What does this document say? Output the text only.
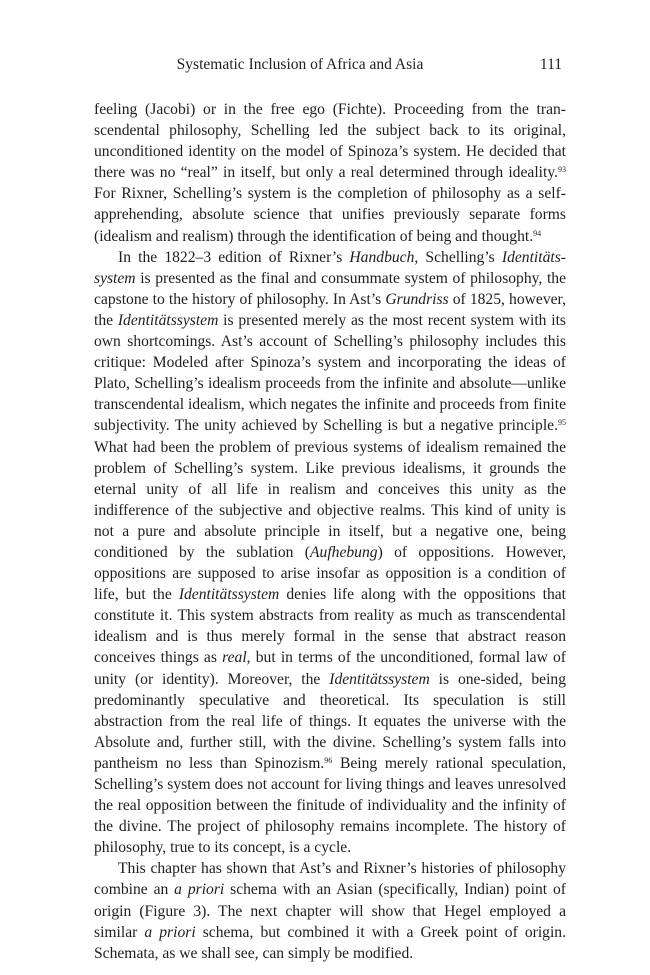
Systematic Inclusion of Africa and Asia	111

feeling (Jacobi) or in the free ego (Fichte). Proceeding from the transcendental philosophy, Schelling led the subject back to its original, unconditioned identity on the model of Spinoza’s system. He decided that there was no “real” in itself, but only a real determined through ideality.$^{93}$ For Rixner, Schelling’s system is the completion of philosophy as a self-apprehending, absolute science that unifies previously separate forms (idealism and realism) through the identification of being and thought.$^{94}$

In the 1822–3 edition of Rixner’s Handbuch, Schelling’s Identitätssystem is presented as the final and consummate system of philosophy, the capstone to the history of philosophy. In Ast’s Grundriss of 1825, however, the Identitätssystem is presented merely as the most recent system with its own shortcomings. Ast’s account of Schelling’s philosophy includes this critique: Modeled after Spinoza’s system and incorporating the ideas of Plato, Schelling’s idealism proceeds from the infinite and absolute—unlike transcendental idealism, which negates the infinite and proceeds from finite subjectivity. The unity achieved by Schelling is but a negative principle.$^{95}$ What had been the problem of previous systems of idealism remained the problem of Schelling’s system. Like previous idealisms, it grounds the eternal unity of all life in realism and conceives this unity as the indifference of the subjective and objective realms. This kind of unity is not a pure and absolute principle in itself, but a negative one, being conditioned by the sublation (Aufhebung) of oppositions. However, oppositions are supposed to arise insofar as opposition is a condition of life, but the Identitätssystem denies life along with the oppositions that constitute it. This system abstracts from reality as much as transcendental idealism and is thus merely formal in the sense that abstract reason conceives things as real, but in terms of the unconditioned, formal law of unity (or identity). Moreover, the Identitätssystem is one-sided, being predominantly speculative and theoretical. Its speculation is still abstraction from the real life of things. It equates the universe with the Absolute and, further still, with the divine. Schelling’s system falls into pantheism no less than Spinozism.$^{96}$ Being merely rational speculation, Schelling’s system does not account for living things and leaves unresolved the real opposition between the finitude of individuality and the infinity of the divine. The project of philosophy remains incomplete. The history of philosophy, true to its concept, is a cycle.

This chapter has shown that Ast’s and Rixner’s histories of philosophy combine an a priori schema with an Asian (specifically, Indian) point of origin (Figure 3). The next chapter will show that Hegel employed a similar a priori schema, but combined it with a Greek point of origin. Schemata, as we shall see, can simply be modified.
